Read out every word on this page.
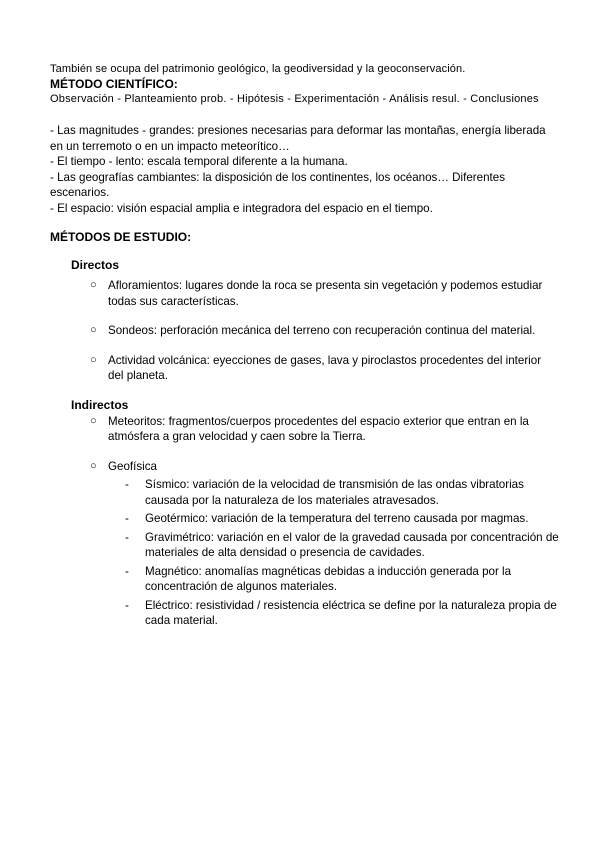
También se ocupa del patrimonio geológico, la geodiversidad y la geoconservación.
MÉTODO CIENTÍFICO:
Observación - Planteamiento prob. - Hipótesis - Experimentación - Análisis resul. - Conclusiones
- Las magnitudes - grandes: presiones necesarias para deformar las montañas, energía liberada en un terremoto o en un impacto meteorítico…
- El tiempo - lento: escala temporal diferente a la humana.
- Las geografías cambiantes: la disposición de los continentes, los océanos… Diferentes escenarios.
- El espacio: visión espacial amplia e integradora del espacio en el tiempo.
MÉTODOS DE ESTUDIO:
Directos
○ Afloramientos: lugares donde la roca se presenta sin vegetación y podemos estudiar todas sus características.
○ Sondeos: perforación mecánica del terreno con recuperación continua del material.
○ Actividad volcánica: eyecciones de gases, lava y piroclastos procedentes del interior del planeta.
Indirectos
○ Meteoritos: fragmentos/cuerpos procedentes del espacio exterior que entran en la atmósfera a gran velocidad y caen sobre la Tierra.
○ Geofísica
- Sísmico: variación de la velocidad de transmisión de las ondas vibratorias causada por la naturaleza de los materiales atravesados.
- Geotérmico: variación de la temperatura del terreno causada por magmas.
- Gravimétrico: variación en el valor de la gravedad causada por concentración de materiales de alta densidad o presencia de cavidades.
- Magnético: anomalías magnéticas debidas a inducción generada por la concentración de algunos materiales.
- Eléctrico: resistividad / resistencia eléctrica se define por la naturaleza propia de cada material.
